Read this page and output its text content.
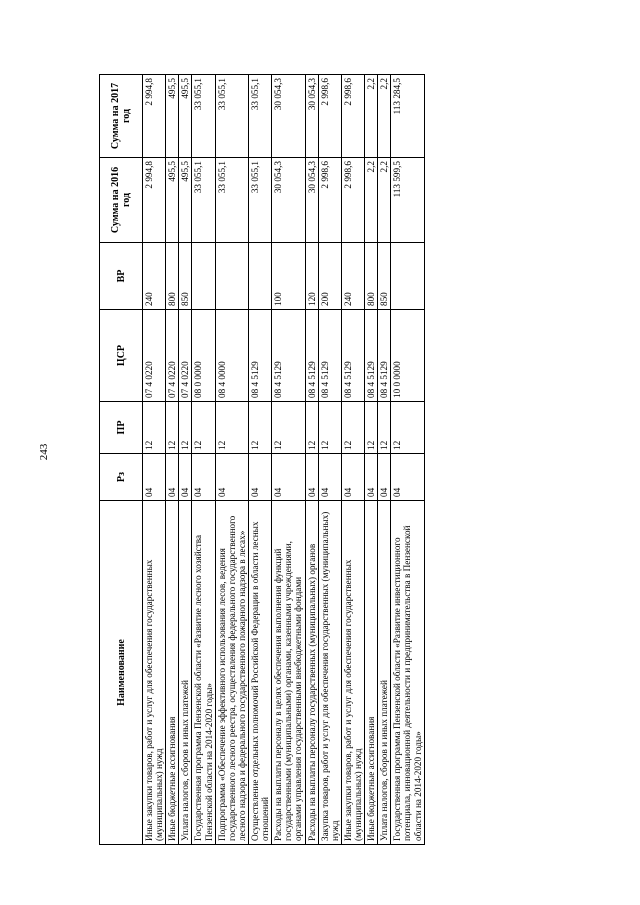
243
Наименование	Рз	ПР	ЦСР	ВР	Сумма на 2016 год	Сумма на 2017 год
Иные закупки товаров, работ и услуг для обеспечения государственных (муниципальных) нужд	04	12	07 4 0220	240	2 994,8	2 994,8
Иные бюджетные ассигнования	04	12	07 4 0220	800	495,5	495,5
Уплата налогов, сборов и иных платежей	04	12	07 4 0220	850	495,5	495,5
Государственная программа Пензенской области «Развитие лесного хозяйства Пензенской области на 2014-2020 годы»	04	12	08 0 0000		33 055,1	33 055,1
Подпрограмма «Обеспечение эффективного использования лесов, ведения государственного лесного реестра, осуществления федерального государственного лесного надзора и федерального государственного пожарного надзора в лесах»	04	12	08 4 0000		33 055,1	33 055,1
Осуществление отдельных полномочий Российской Федерации в области лесных отношений	04	12	08 4 5129		33 055,1	33 055,1
Расходы на выплаты персоналу в целях обеспечения выполнения функций государственными (муниципальными) органами, казенными учреждениями, органами управления государственными внебюджетными фондами	04	12	08 4 5129	100	30 054,3	30 054,3
Расходы на выплаты персоналу государственных (муниципальных) органов	04	12	08 4 5129	120	30 054,3	30 054,3
Закупка товаров, работ и услуг для обеспечения государственных (муниципальных) нужд	04	12	08 4 5129	200	2 998,6	2 998,6
Иные закупки товаров, работ и услуг для обеспечения государственных (муниципальных) нужд	04	12	08 4 5129	240	2 998,6	2 998,6
Иные бюджетные ассигнования	04	12	08 4 5129	800	2,2	2,2
Уплата налогов, сборов и иных платежей	04	12	08 4 5129	850	2,2	2,2
Государственная программа Пензенской области «Развитие инвестиционного потенциала, инновационной деятельности и предпринимательства в Пензенской области на 2014-2020 годы»	04	12	10 0 0000		113 599,5	113 284,5
